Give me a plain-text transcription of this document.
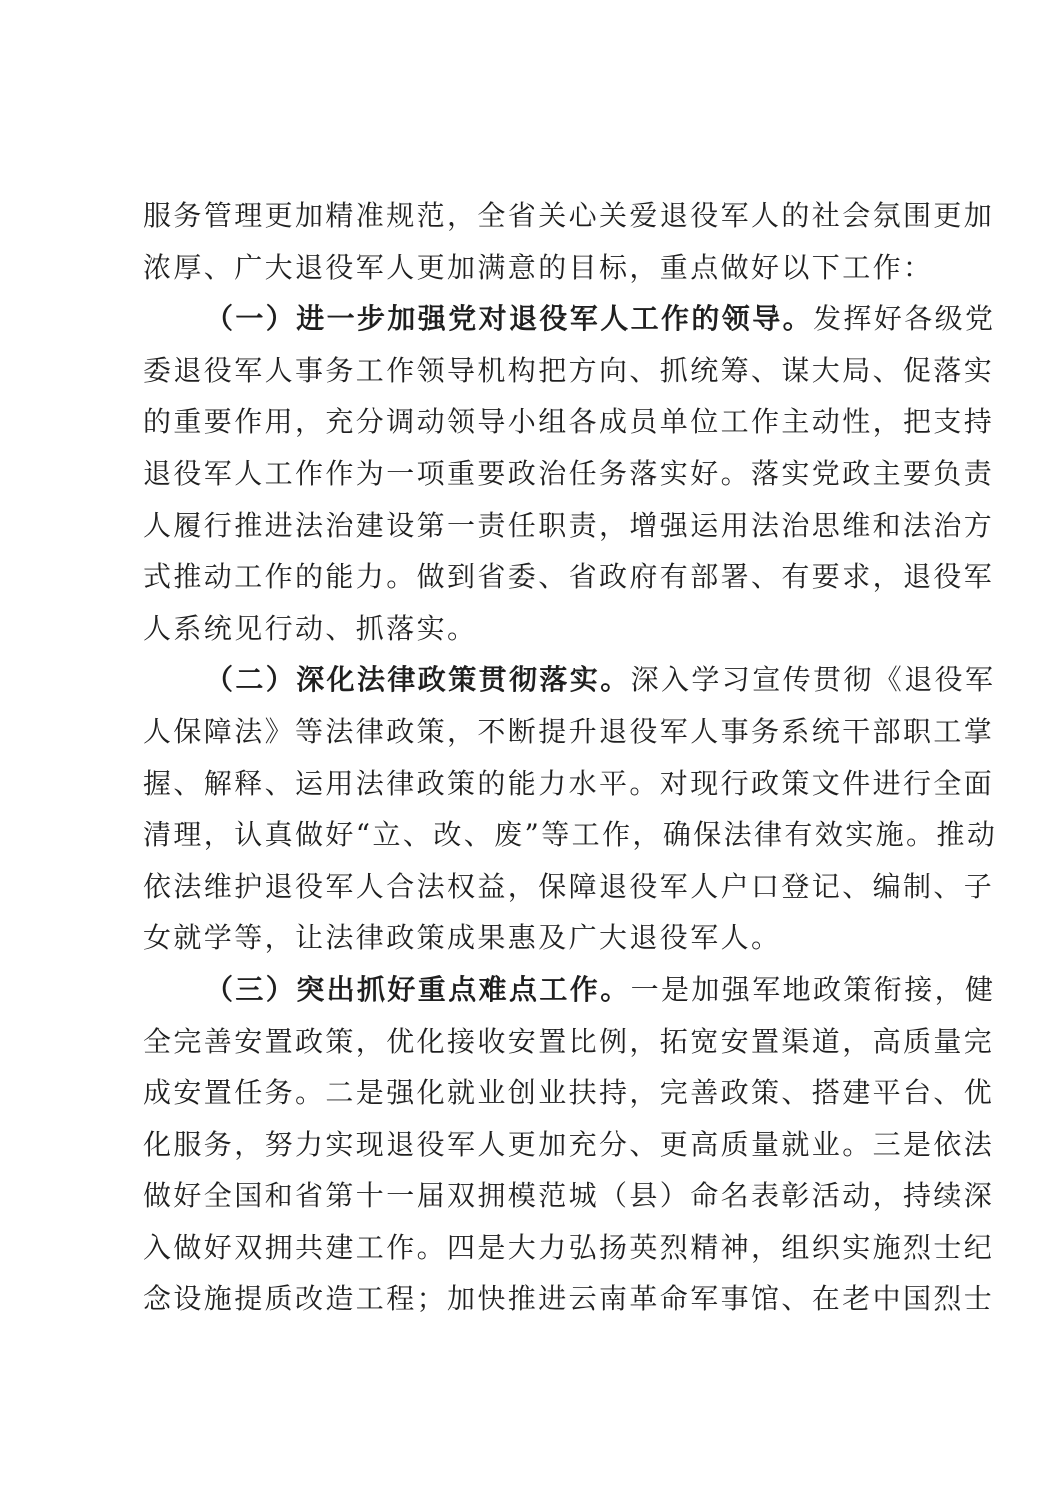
服务管理更加精准规范，全省关心关爱退役军人的社会氛围更加
浓厚、广大退役军人更加满意的目标，重点做好以下工作：
（一）进一步加强党对退役军人工作的领导。发挥好各级党
委退役军人事务工作领导机构把方向、抓统筹、谋大局、促落实
的重要作用，充分调动领导小组各成员单位工作主动性，把支持
退役军人工作作为一项重要政治任务落实好。落实党政主要负责
人履行推进法治建设第一责任职责，增强运用法治思维和法治方
式推动工作的能力。做到省委、省政府有部署、有要求，退役军
人系统见行动、抓落实。
（二）深化法律政策贯彻落实。深入学习宣传贯彻《退役军
人保障法》等法律政策，不断提升退役军人事务系统干部职工掌
握、解释、运用法律政策的能力水平。对现行政策文件进行全面
清理，认真做好“立、改、废”等工作，确保法律有效实施。推动
依法维护退役军人合法权益，保障退役军人户口登记、编制、子
女就学等，让法律政策成果惠及广大退役军人。
（三）突出抓好重点难点工作。一是加强军地政策衔接，健
全完善安置政策，优化接收安置比例，拓宽安置渠道，高质量完
成安置任务。二是强化就业创业扶持，完善政策、搭建平台、优
化服务，努力实现退役军人更加充分、更高质量就业。三是依法
做好全国和省第十一届双拥模范城（县）命名表彰活动，持续深
入做好双拥共建工作。四是大力弘扬英烈精神，组织实施烈士纪
念设施提质改造工程；加快推进云南革命军事馆、在老中国烈士
